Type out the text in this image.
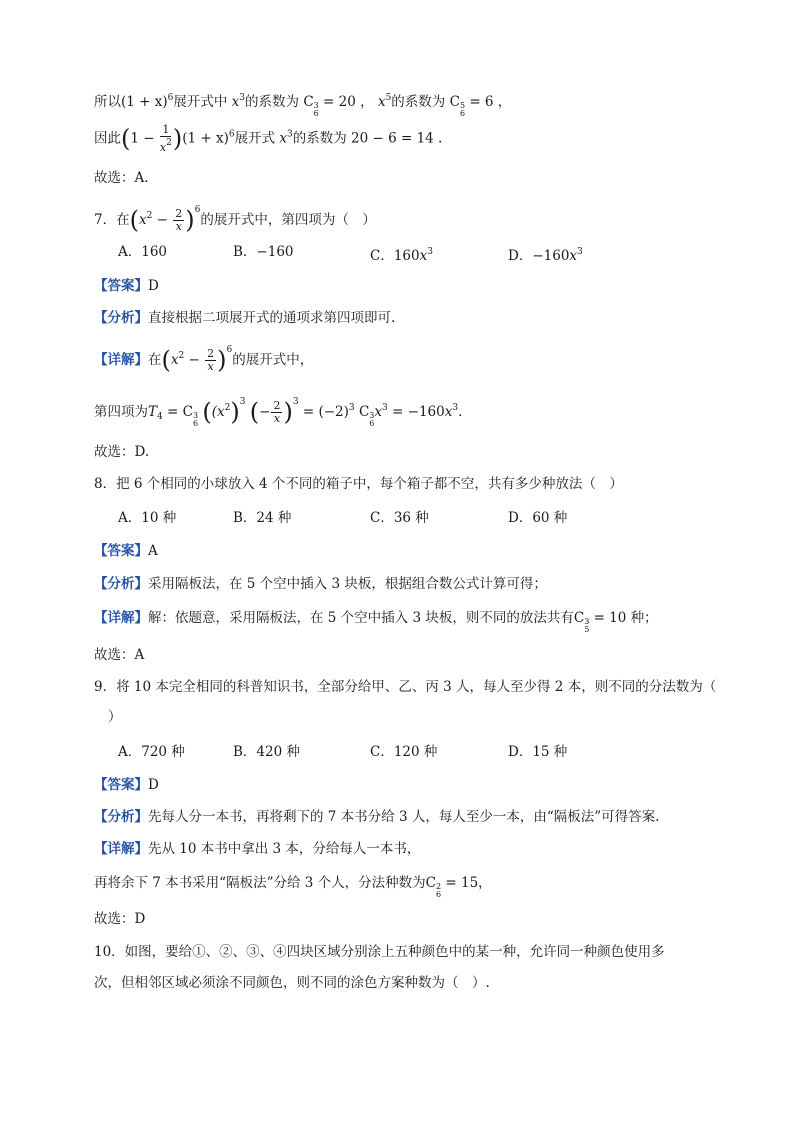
所以$(1 + x)^6$展开式中 $x^3$的系数为 C 3
6
= 20 ， $x^5$的系数为 C 5
6
= 6 ，
因此$(1 - \frac{1}{x^2} )(1 + x)^6$展开式 $x^3$的系数为 20 − 6 = 14 .
故选：A.
7．在$(x^2 - \frac{2}{x} )^6$的展开式中，第四项为（　）
A．160	B．−160	C．$160x^3$	D．$-160x^3$
【答案】D
【分析】直接根据二项展开式的通项求第四项即可.
【详解】在$(x^2 - \frac{2}{x} )^6$的展开式中，
第四项为$T_4 = C$ 3
6 ($(x^2)^3$ (− $\frac{2}{x} )^3 = (-2)^3$ C 3
6
$x^3 = -160x^3$.
故选：D.
8．把 6 个相同的小球放入 4 个不同的箱子中，每个箱子都不空，共有多少种放法（　）
A．10 种	B．24 种	C．36 种	D．60 种
【答案】A
【分析】采用隔板法，在 5 个空中插入 3 块板，根据组合数公式计算可得；
【详解】解：依题意，采用隔板法，在 5 个空中插入 3 块板，则不同的放法共有C 3
5
= 10 种；
故选：A
9．将 10 本完全相同的科普知识书，全部分给甲、乙、丙 3 人，每人至少得 2 本，则不同的分法数为（
）
A．720 种	B．420 种	C．120 种	D．15 种
【答案】D
【分析】先每人分一本书，再将剩下的 7 本书分给 3 人，每人至少一本，由“隔板法”可得答案.
【详解】先从 10 本书中拿出 3 本，分给每人一本书，
再将余下 7 本书采用“隔板法”分给 3 个人，分法种数为C 2
6
= 15，
故选：D
10．如图，要给①、②、③、④四块区域分别涂上五种颜色中的某一种，允许同一种颜色使用多
次，但相邻区域必须涂不同颜色，则不同的涂色方案种数为（　）.
